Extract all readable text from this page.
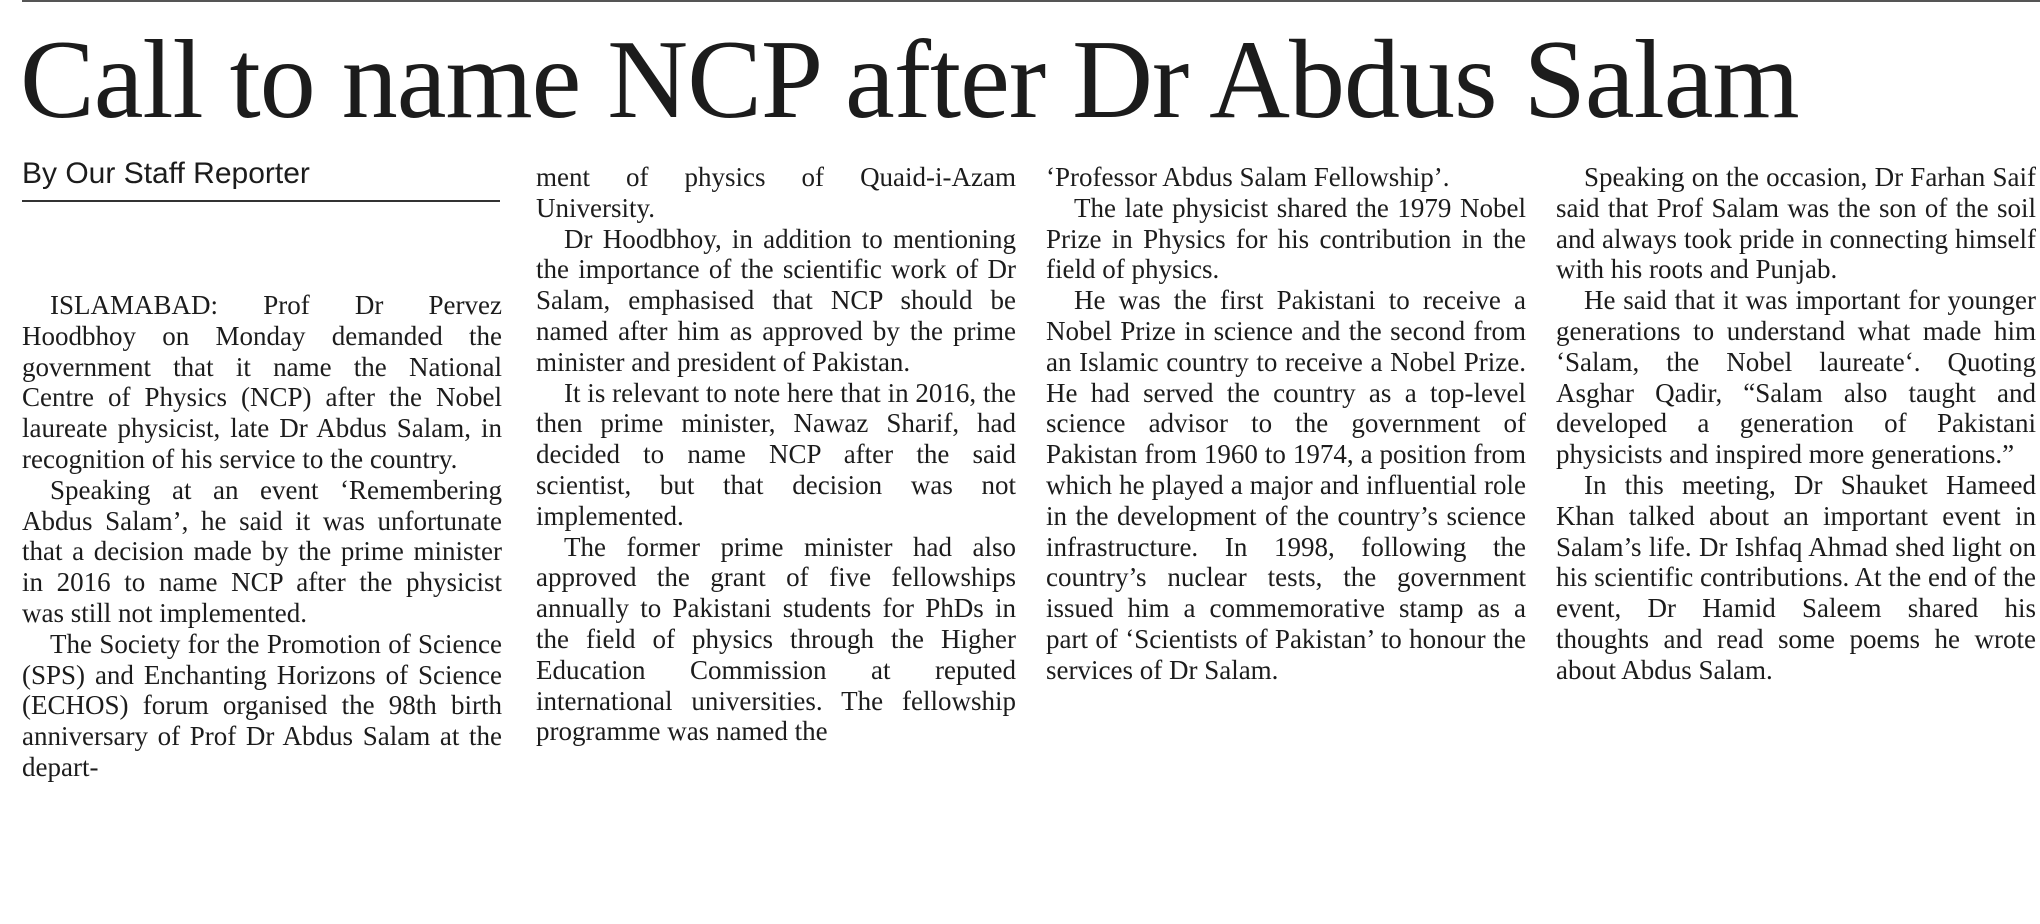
Call to name NCP after Dr Abdus Salam
By Our Staff Reporter

ISLAMABAD: Prof Dr Pervez Hoodbhoy on Monday demanded the government that it name the National Centre of Physics (NCP) after the Nobel laureate physicist, late Dr Abdus Salam, in recognition of his service to the country.

Speaking at an event ‘Remembering Abdus Salam’, he said it was unfortunate that a decision made by the prime minister in 2016 to name NCP after the physicist was still not implemented.

The Society for the Promotion of Science (SPS) and Enchanting Horizons of Science (ECHOS) forum organised the 98th birth anniversary of Prof Dr Abdus Salam at the depart-

ment of physics of Quaid-i-Azam University.

Dr Hoodbhoy, in addition to mentioning the importance of the scientific work of Dr Salam, emphasised that NCP should be named after him as approved by the prime minister and president of Pakistan.

It is relevant to note here that in 2016, the then prime minister, Nawaz Sharif, had decided to name NCP after the said scientist, but that decision was not implemented.

The former prime minister had also approved the grant of five fellowships annually to Pakistani students for PhDs in the field of physics through the Higher Education Commission at reputed international universities. The fellowship programme was named the

‘Professor Abdus Salam Fellowship’.

The late physicist shared the 1979 Nobel Prize in Physics for his contribution in the field of physics.

He was the first Pakistani to receive a Nobel Prize in science and the second from an Islamic country to receive a Nobel Prize. He had served the country as a top-level science advisor to the government of Pakistan from 1960 to 1974, a position from which he played a major and influential role in the development of the country’s science infrastructure. In 1998, following the country’s nuclear tests, the government issued him a commemorative stamp as a part of ‘Scientists of Pakistan’ to honour the services of Dr Salam.

Speaking on the occasion, Dr Farhan Saif said that Prof Salam was the son of the soil and always took pride in connecting himself with his roots and Punjab.

He said that it was important for younger generations to understand what made him ‘Salam, the Nobel laureate‘. Quoting Asghar Qadir, “Salam also taught and developed a generation of Pakistani physicists and inspired more generations.”

In this meeting, Dr Shauket Hameed Khan talked about an important event in Salam’s life. Dr Ishfaq Ahmad shed light on his scientific contributions. At the end of the event, Dr Hamid Saleem shared his thoughts and read some poems he wrote about Abdus Salam.
